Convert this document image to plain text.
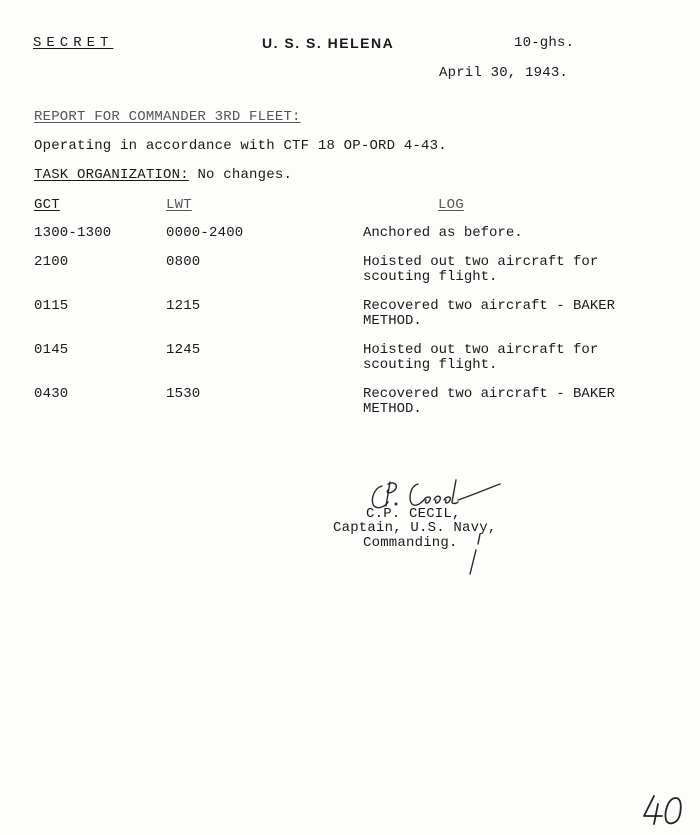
SECRET	U. S. S. HELENA	10-ghs.
April 30, 1943.
REPORT FOR COMMANDER 3RD FLEET:
Operating in accordance with CTF 18 OP-ORD 4-43.
TASK ORGANIZATION: No changes.
GCT	LWT	LOG
1300-1300	0000-2400	Anchored as before.
2100	0800	Hoisted out two aircraft for
scouting flight.
0115	1215	Recovered two aircraft - BAKER
METHOD.
0145	1245	Hoisted out two aircraft for
scouting flight.
0430	1530	Recovered two aircraft - BAKER
METHOD.
C.P. CECIL,
Captain, U.S. Navy,
Commanding.
